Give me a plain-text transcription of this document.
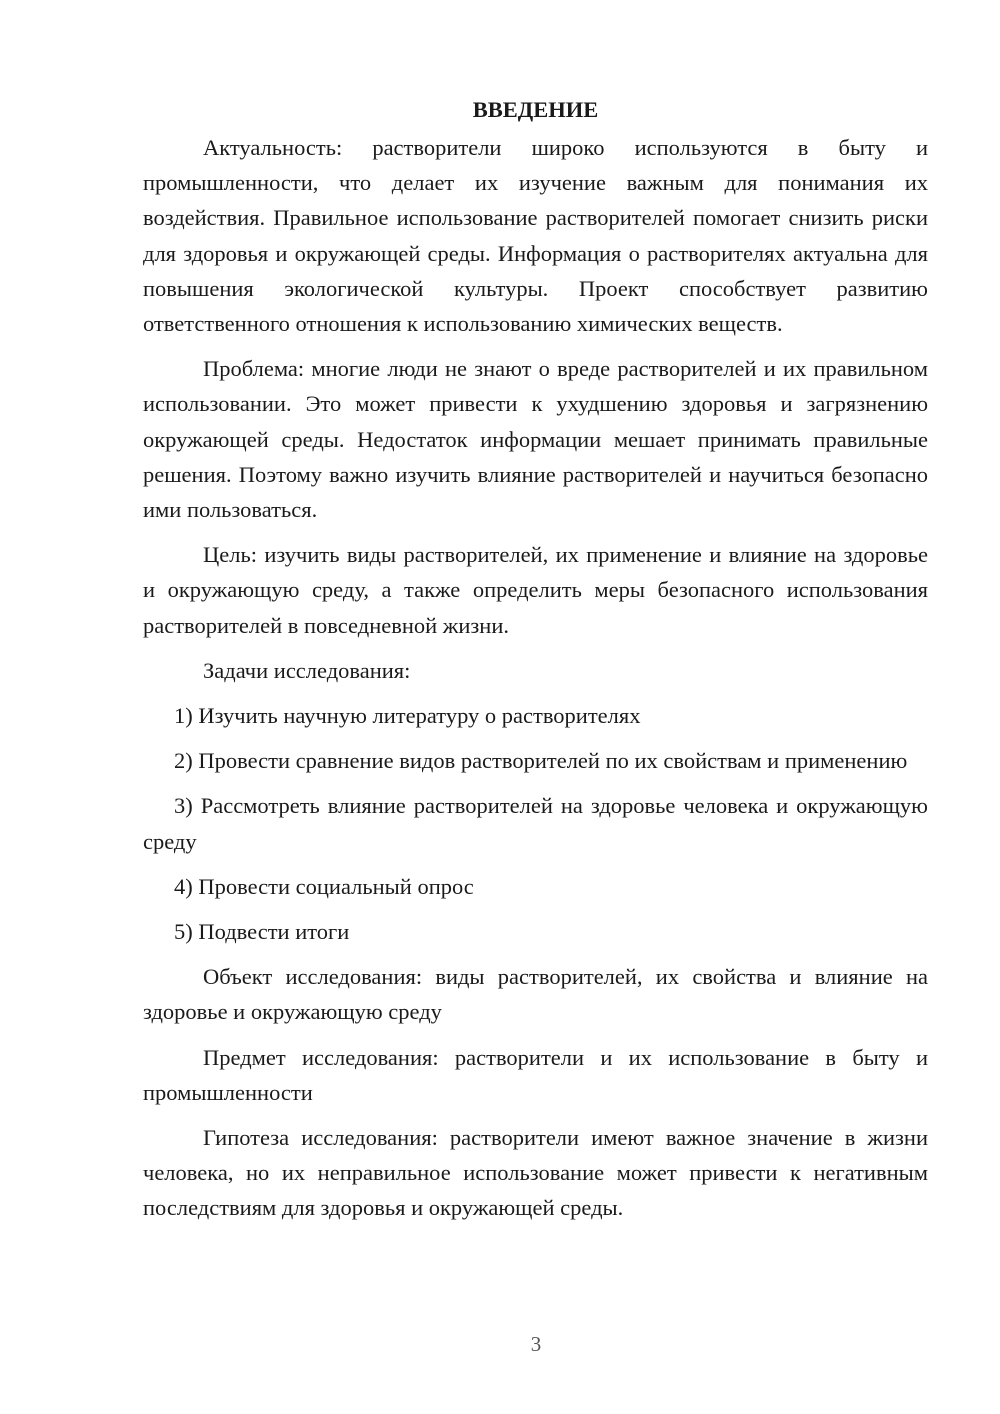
ВВЕДЕНИЕ

Актуальность: растворители широко используются в быту и промышленности, что делает их изучение важным для понимания их воздействия. Правильное использование растворителей помогает снизить риски для здоровья и окружающей среды. Информация о растворителях актуальна для повышения экологической культуры. Проект способствует развитию ответственного отношения к использованию химических веществ.

Проблема: многие люди не знают о вреде растворителей и их правильном использовании. Это может привести к ухудшению здоровья и загрязнению окружающей среды. Недостаток информации мешает принимать правильные решения. Поэтому важно изучить влияние растворителей и научиться безопасно ими пользоваться.

Цель: изучить виды растворителей, их применение и влияние на здоровье и окружающую среду, а также определить меры безопасного использования растворителей в повседневной жизни.

Задачи исследования:

1) Изучить научную литературу о растворителях

2) Провести сравнение видов растворителей по их свойствам и применению

3) Рассмотреть влияние растворителей на здоровье человека и окружающую среду

4) Провести социальный опрос

5) Подвести итоги

Объект исследования: виды растворителей, их свойства и влияние на здоровье и окружающую среду

Предмет исследования: растворители и их использование в быту и промышленности

Гипотеза исследования: растворители имеют важное значение в жизни человека, но их неправильное использование может привести к негативным последствиям для здоровья и окружающей среды.

3
